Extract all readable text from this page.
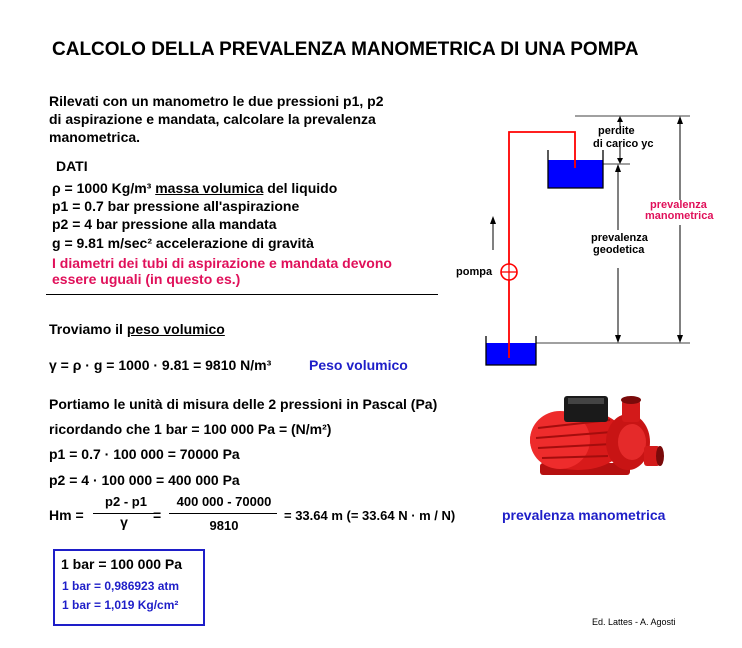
CALCOLO DELLA PREVALENZA MANOMETRICA DI UNA POMPA
Rilevati con un manometro le due pressioni p1, p2
di aspirazione e mandata, calcolare la prevalenza
manometrica.
DATI
ρ = 1000 Kg/m³ massa volumica del liquido
p1 = 0.7 bar pressione all'aspirazione
p2 = 4 bar pressione alla mandata
g = 9.81 m/sec² accelerazione di gravità
I diametri dei tubi di aspirazione e mandata devono
essere uguali (in questo es.)
Troviamo il peso volumico
γ = ρ · g = 1000 · 9.81 = 9810 N/m³	Peso volumico
Portiamo le unità di misura delle 2 pressioni in Pascal (Pa)
ricordando che 1 bar = 100 000 Pa = (N/m²)
p1 = 0.7 · 100 000 = 70000 Pa
p2 = 4 · 100 000 = 400 000 Pa
Hm =
p2 - p1
γ	=
400 000 - 70000
9810
= 33.64 m (= 33.64 N · m / N)	prevalenza manometrica
1 bar = 100 000 Pa
1 bar = 0,986923 atm
1 bar = 1,019 Kg/cm²
Ed. Lattes - A. Agosti
perdite
di carico yc
prevalenza
manometrica
prevalenza
geodetica
pompa
